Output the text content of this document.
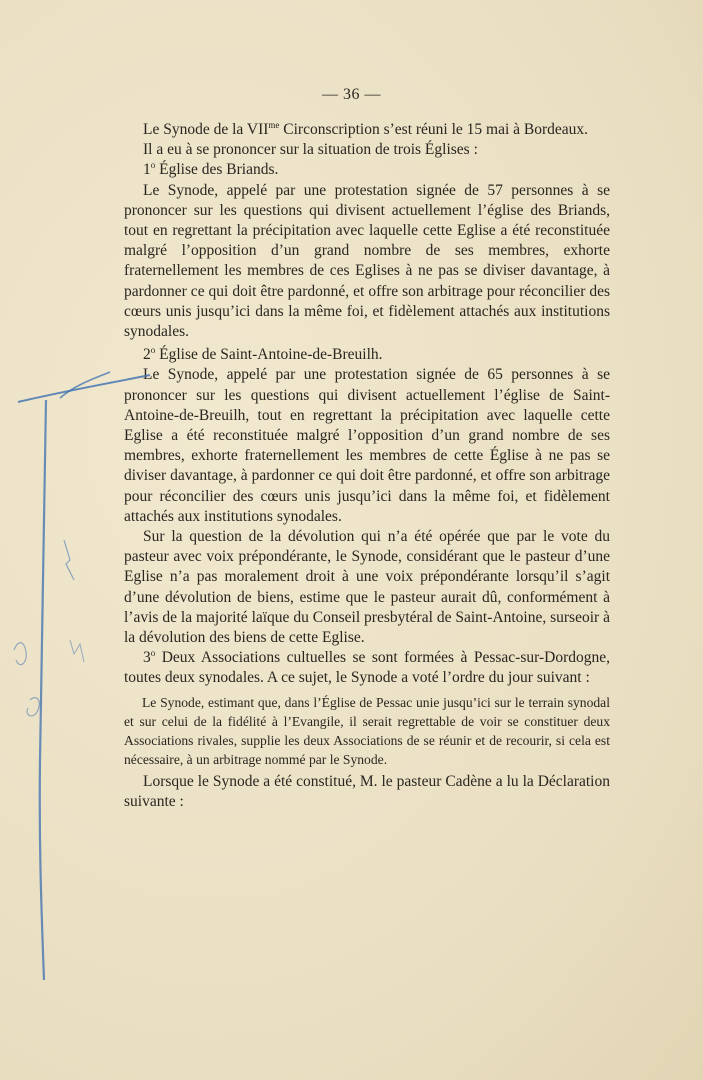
— 36 —

Le Synode de la $VII^{me}$ Circonscription s’est réuni le 15 mai à Bordeaux.

Il a eu à se prononcer sur la situation de trois Églises :

1$^o$ Église des Briands.

Le Synode, appelé par une protestation signée de 57 personnes à se prononcer sur les questions qui divisent actuellement l’église des Briands, tout en regrettant la précipitation avec laquelle cette Eglise a été reconstituée malgré l’opposition d’un grand nombre de ses membres, exhorte fraternellement les membres de ces Eglises à ne pas se diviser davantage, à pardonner ce qui doit être pardonné, et offre son arbitrage pour réconcilier des cœurs unis jusqu’ici dans la même foi, et fidèlement attachés aux institutions synodales.

2$^o$ Église de Saint-Antoine-de-Breuilh.

Le Synode, appelé par une protestation signée de 65 personnes à se prononcer sur les questions qui divisent actuellement l’église de Saint-Antoine-de-Breuilh, tout en regrettant la précipitation avec laquelle cette Eglise a été reconstituée malgré l’opposition d’un grand nombre de ses membres, exhorte fraternellement les membres de cette Église à ne pas se diviser davantage, à pardonner ce qui doit être pardonné, et offre son arbitrage pour réconcilier des cœurs unis jusqu’ici dans la même foi, et fidèlement attachés aux institutions synodales.

Sur la question de la dévolution qui n’a été opérée que par le vote du pasteur avec voix prépondérante, le Synode, considérant que le pasteur d’une Eglise n’a pas moralement droit à une voix prépondérante lorsqu’il s’agit d’une dévolution de biens, estime que le pasteur aurait dû, conformément à l’avis de la majorité laïque du Conseil presbytéral de Saint-Antoine, surseoir à la dévolution des biens de cette Eglise.

3$^o$ Deux Associations cultuelles se sont formées à Pessac-sur-Dordogne, toutes deux synodales. A ce sujet, le Synode a voté l’ordre du jour suivant :

Le Synode, estimant que, dans l’Église de Pessac unie jusqu’ici sur le terrain synodal et sur celui de la fidélité à l’Evangile, il serait regrettable de voir se constituer deux Associations rivales, supplie les deux Associations de se réunir et de recourir, si cela est nécessaire, à un arbitrage nommé par le Synode.

Lorsque le Synode a été constitué, M. le pasteur Cadène a lu la Déclaration suivante :
